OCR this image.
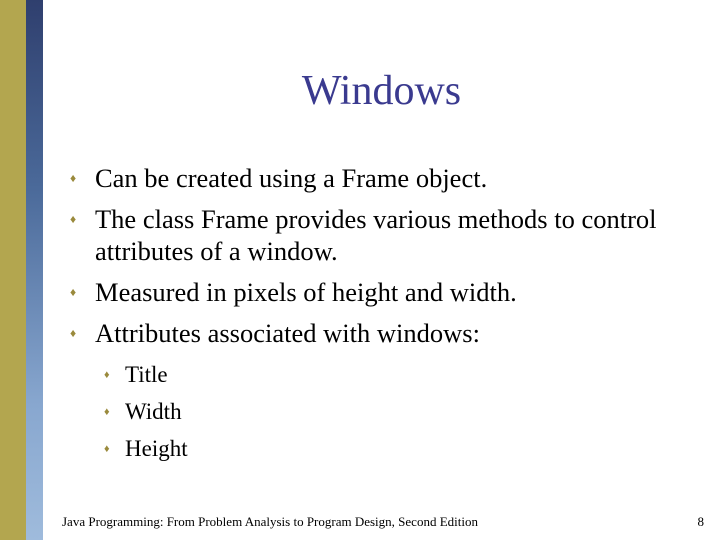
Windows
♦ Can be created using a Frame object.
♦ The class Frame provides various methods to control attributes of a window.
♦ Measured in pixels of height and width.
♦ Attributes associated with windows:
♦ Title
♦ Width
♦ Height
Java Programming: From Problem Analysis to Program Design, Second Edition	8
